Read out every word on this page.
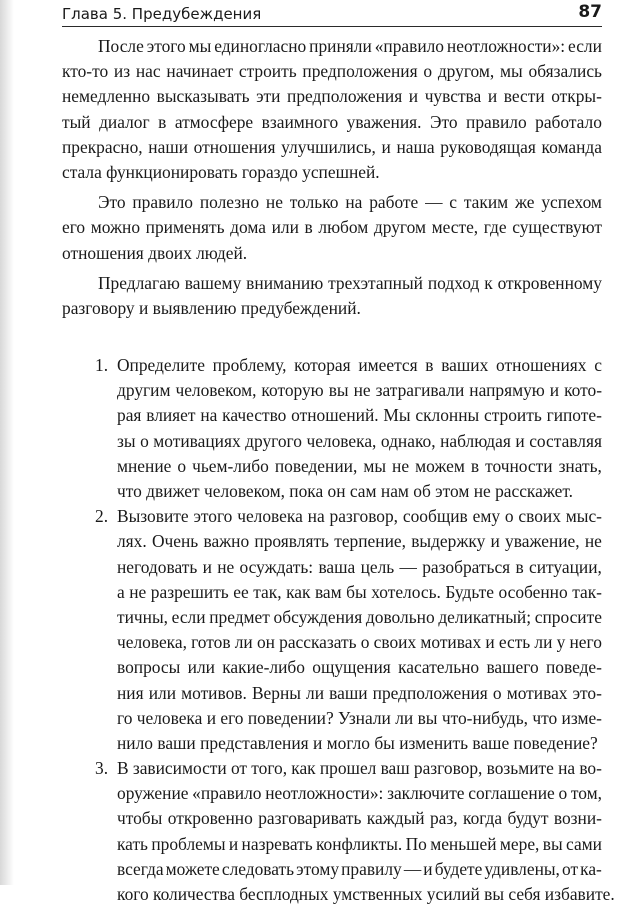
Глава 5. Предубеждения	87
После этого мы единогласно приняли «правило неотложности»: если
кто-то из нас начинает строить предположения о другом, мы обязались
немедленно высказывать эти предположения и чувства и вести откры-
тый диалог в атмосфере взаимного уважения. Это правило работало
прекрасно, наши отношения улучшились, и наша руководящая команда
стала функционировать гораздо успешней.
Это правило полезно не только на работе — с таким же успехом
его можно применять дома или в любом другом месте, где существуют
отношения двоих людей.
Предлагаю вашему вниманию трехэтапный подход к откровенному
разговору и выявлению предубеждений.
Определите проблему, которая имеется в ваших отношениях с
1.
другим человеком, которую вы не затрагивали напрямую и кото-
рая влияет на качество отношений. Мы склонны строить гипоте-
зы о мотивациях другого человека, однако, наблюдая и составляя
мнение о чьем-либо поведении, мы не можем в точности знать,
что движет человеком, пока он сам нам об этом не расскажет.
Вызовите этого человека на разговор, сообщив ему о своих мыс-
2.
лях. Очень важно проявлять терпение, выдержку и уважение, не
негодовать и не осуждать: ваша цель — разобраться в ситуации,
а не разрешить ее так, как вам бы хотелось. Будьте особенно так-
тичны, если предмет обсуждения довольно деликатный; спросите
человека, готов ли он рассказать о своих мотивах и есть ли у него
вопросы или какие-либо ощущения касательно вашего поведе-
ния или мотивов. Верны ли ваши предположения о мотивах это-
го человека и его поведении? Узнали ли вы что-нибудь, что изме-
нило ваши представления и могло бы изменить ваше поведение?
В зависимости от того, как прошел ваш разговор, возьмите на во-
3.
оружение «правило неотложности»: заключите соглашение о том,
чтобы откровенно разговаривать каждый раз, когда будут возни-
кать проблемы и назревать конфликты. По меньшей мере, вы сами
всегда можете следовать этому правилу — и будете удивлены, от ка-
кого количества бесплодных умственных усилий вы себя избавите.
